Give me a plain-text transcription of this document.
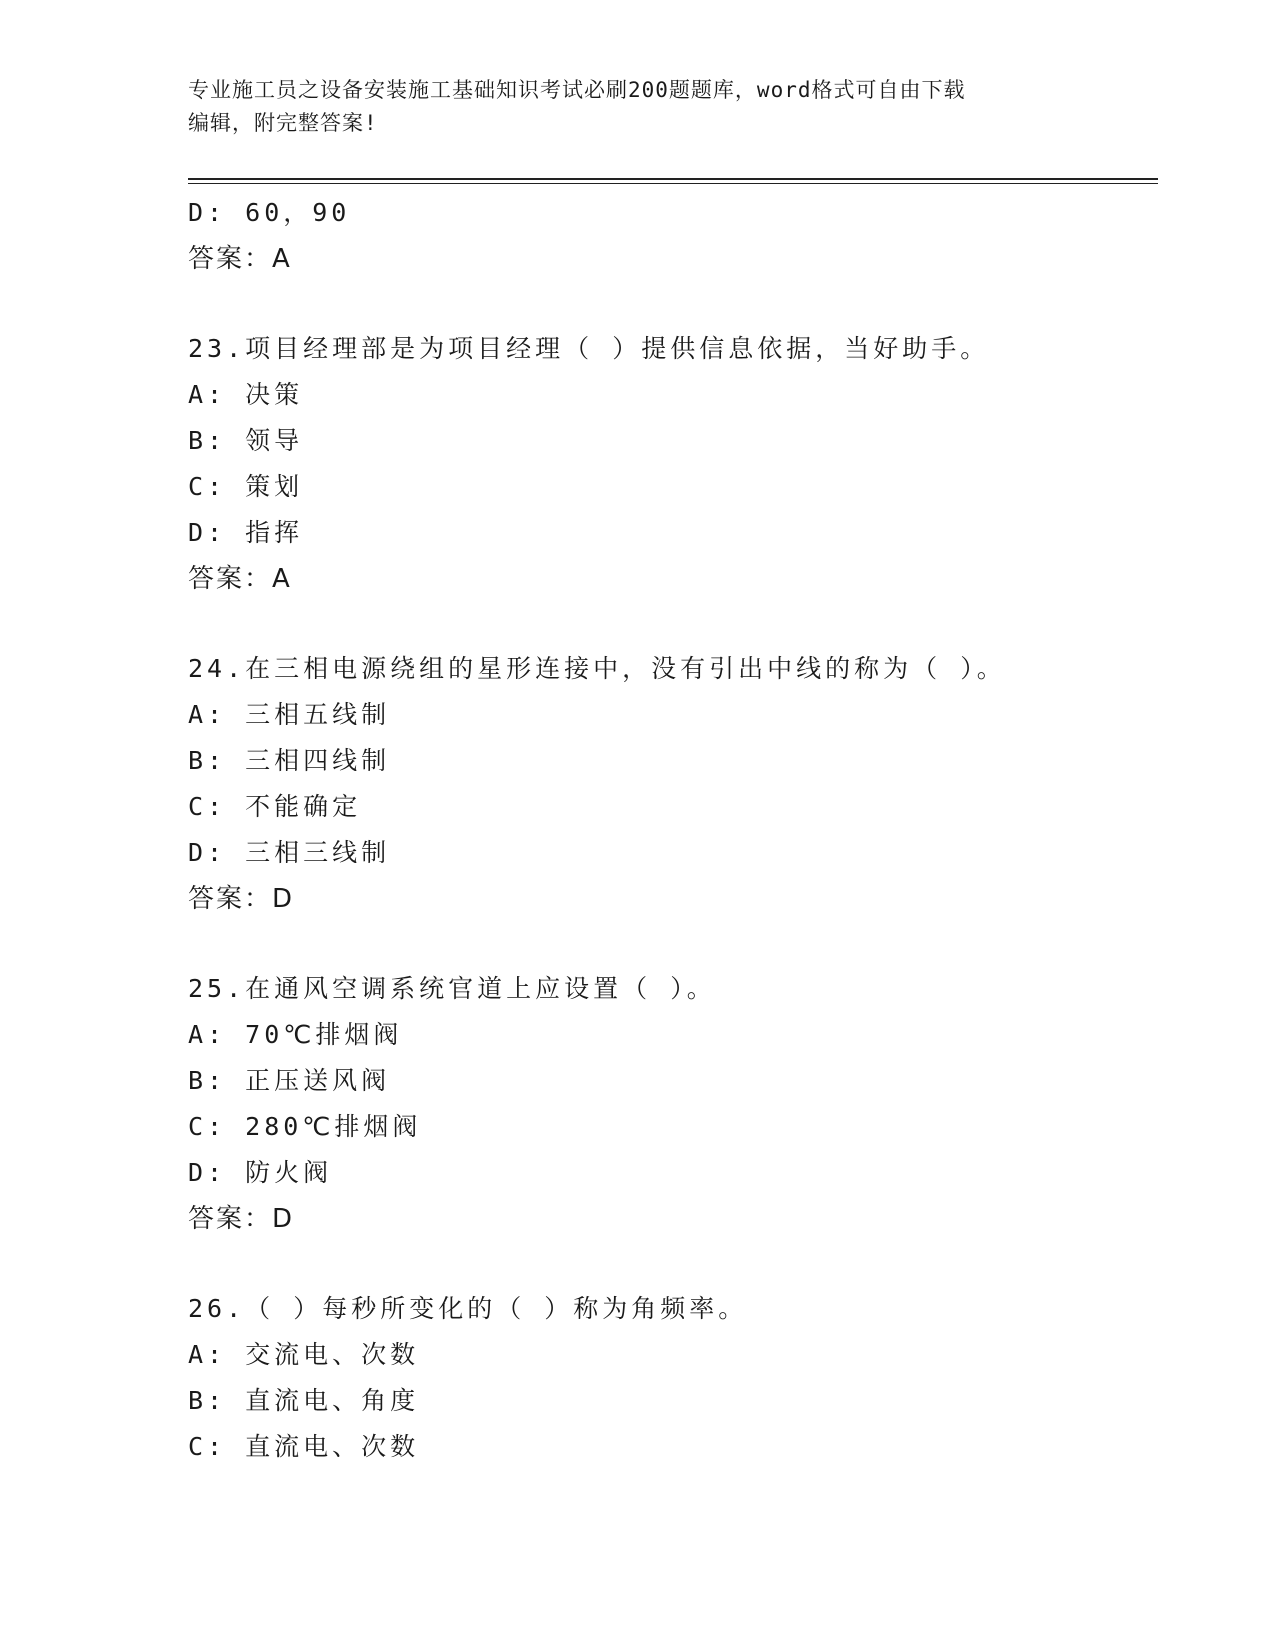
专业施工员之设备安装施工基础知识考试必刷200题题库，word格式可自由下载
编辑，附完整答案!
D: 60，90
答案：A
23.项目经理部是为项目经理（ ）提供信息依据，当好助手。
A: 决策
B: 领导
C: 策划
D: 指挥
答案：A
24.在三相电源绕组的星形连接中，没有引出中线的称为（ ）。
A: 三相五线制
B: 三相四线制
C: 不能确定
D: 三相三线制
答案：D
25.在通风空调系统官道上应设置（ ）。
A: 70℃排烟阀
B: 正压送风阀
C: 280℃排烟阀
D: 防火阀
答案：D
26.（ ）每秒所变化的（ ）称为角频率。
A: 交流电、次数
B: 直流电、角度
C: 直流电、次数
